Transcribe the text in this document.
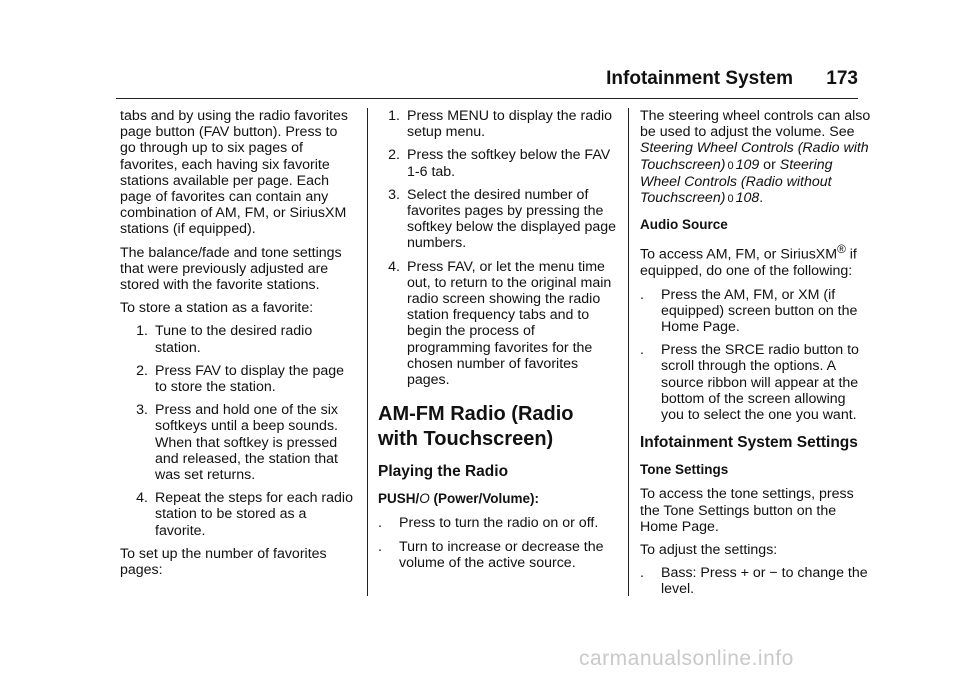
Infotainment System 173

tabs and by using the radio favorites page button (FAV button). Press to go through up to six pages of favorites, each having six favorite stations available per page. Each page of favorites can contain any combination of AM, FM, or SiriusXM stations (if equipped).

The balance/fade and tone settings that were previously adjusted are stored with the favorite stations.

To store a station as a favorite:

1. Tune to the desired radio station.
2. Press FAV to display the page to store the station.
3. Press and hold one of the six softkeys until a beep sounds. When that softkey is pressed and released, the station that was set returns.
4. Repeat the steps for each radio station to be stored as a favorite.

To set up the number of favorites pages:

1. Press MENU to display the radio setup menu.
2. Press the softkey below the FAV 1-6 tab.
3. Select the desired number of favorites pages by pressing the softkey below the displayed page numbers.
4. Press FAV, or let the menu time out, to return to the original main radio screen showing the radio station frequency tabs and to begin the process of programming favorites for the chosen number of favorites pages.
AM-FM Radio (Radio with Touchscreen)
Playing the Radio
PUSH/O (Power/Volume):
.	Press to turn the radio on or off.
.	Turn to increase or decrease the volume of the active source.

The steering wheel controls can also be used to adjust the volume. See Steering Wheel Controls (Radio with Touchscreen) 0 109 or Steering Wheel Controls (Radio without Touchscreen) 0 108.

Audio Source

To access AM, FM, or SiriusXM® if equipped, do one of the following:

.	Press the AM, FM, or XM (if equipped) screen button on the Home Page.
.	Press the SRCE radio button to scroll through the options. A source ribbon will appear at the bottom of the screen allowing you to select the one you want.
Infotainment System Settings
Tone Settings

To access the tone settings, press the Tone Settings button on the Home Page.

To adjust the settings:

.	Bass: Press + or − to change the level.
carmanualsonline.info
